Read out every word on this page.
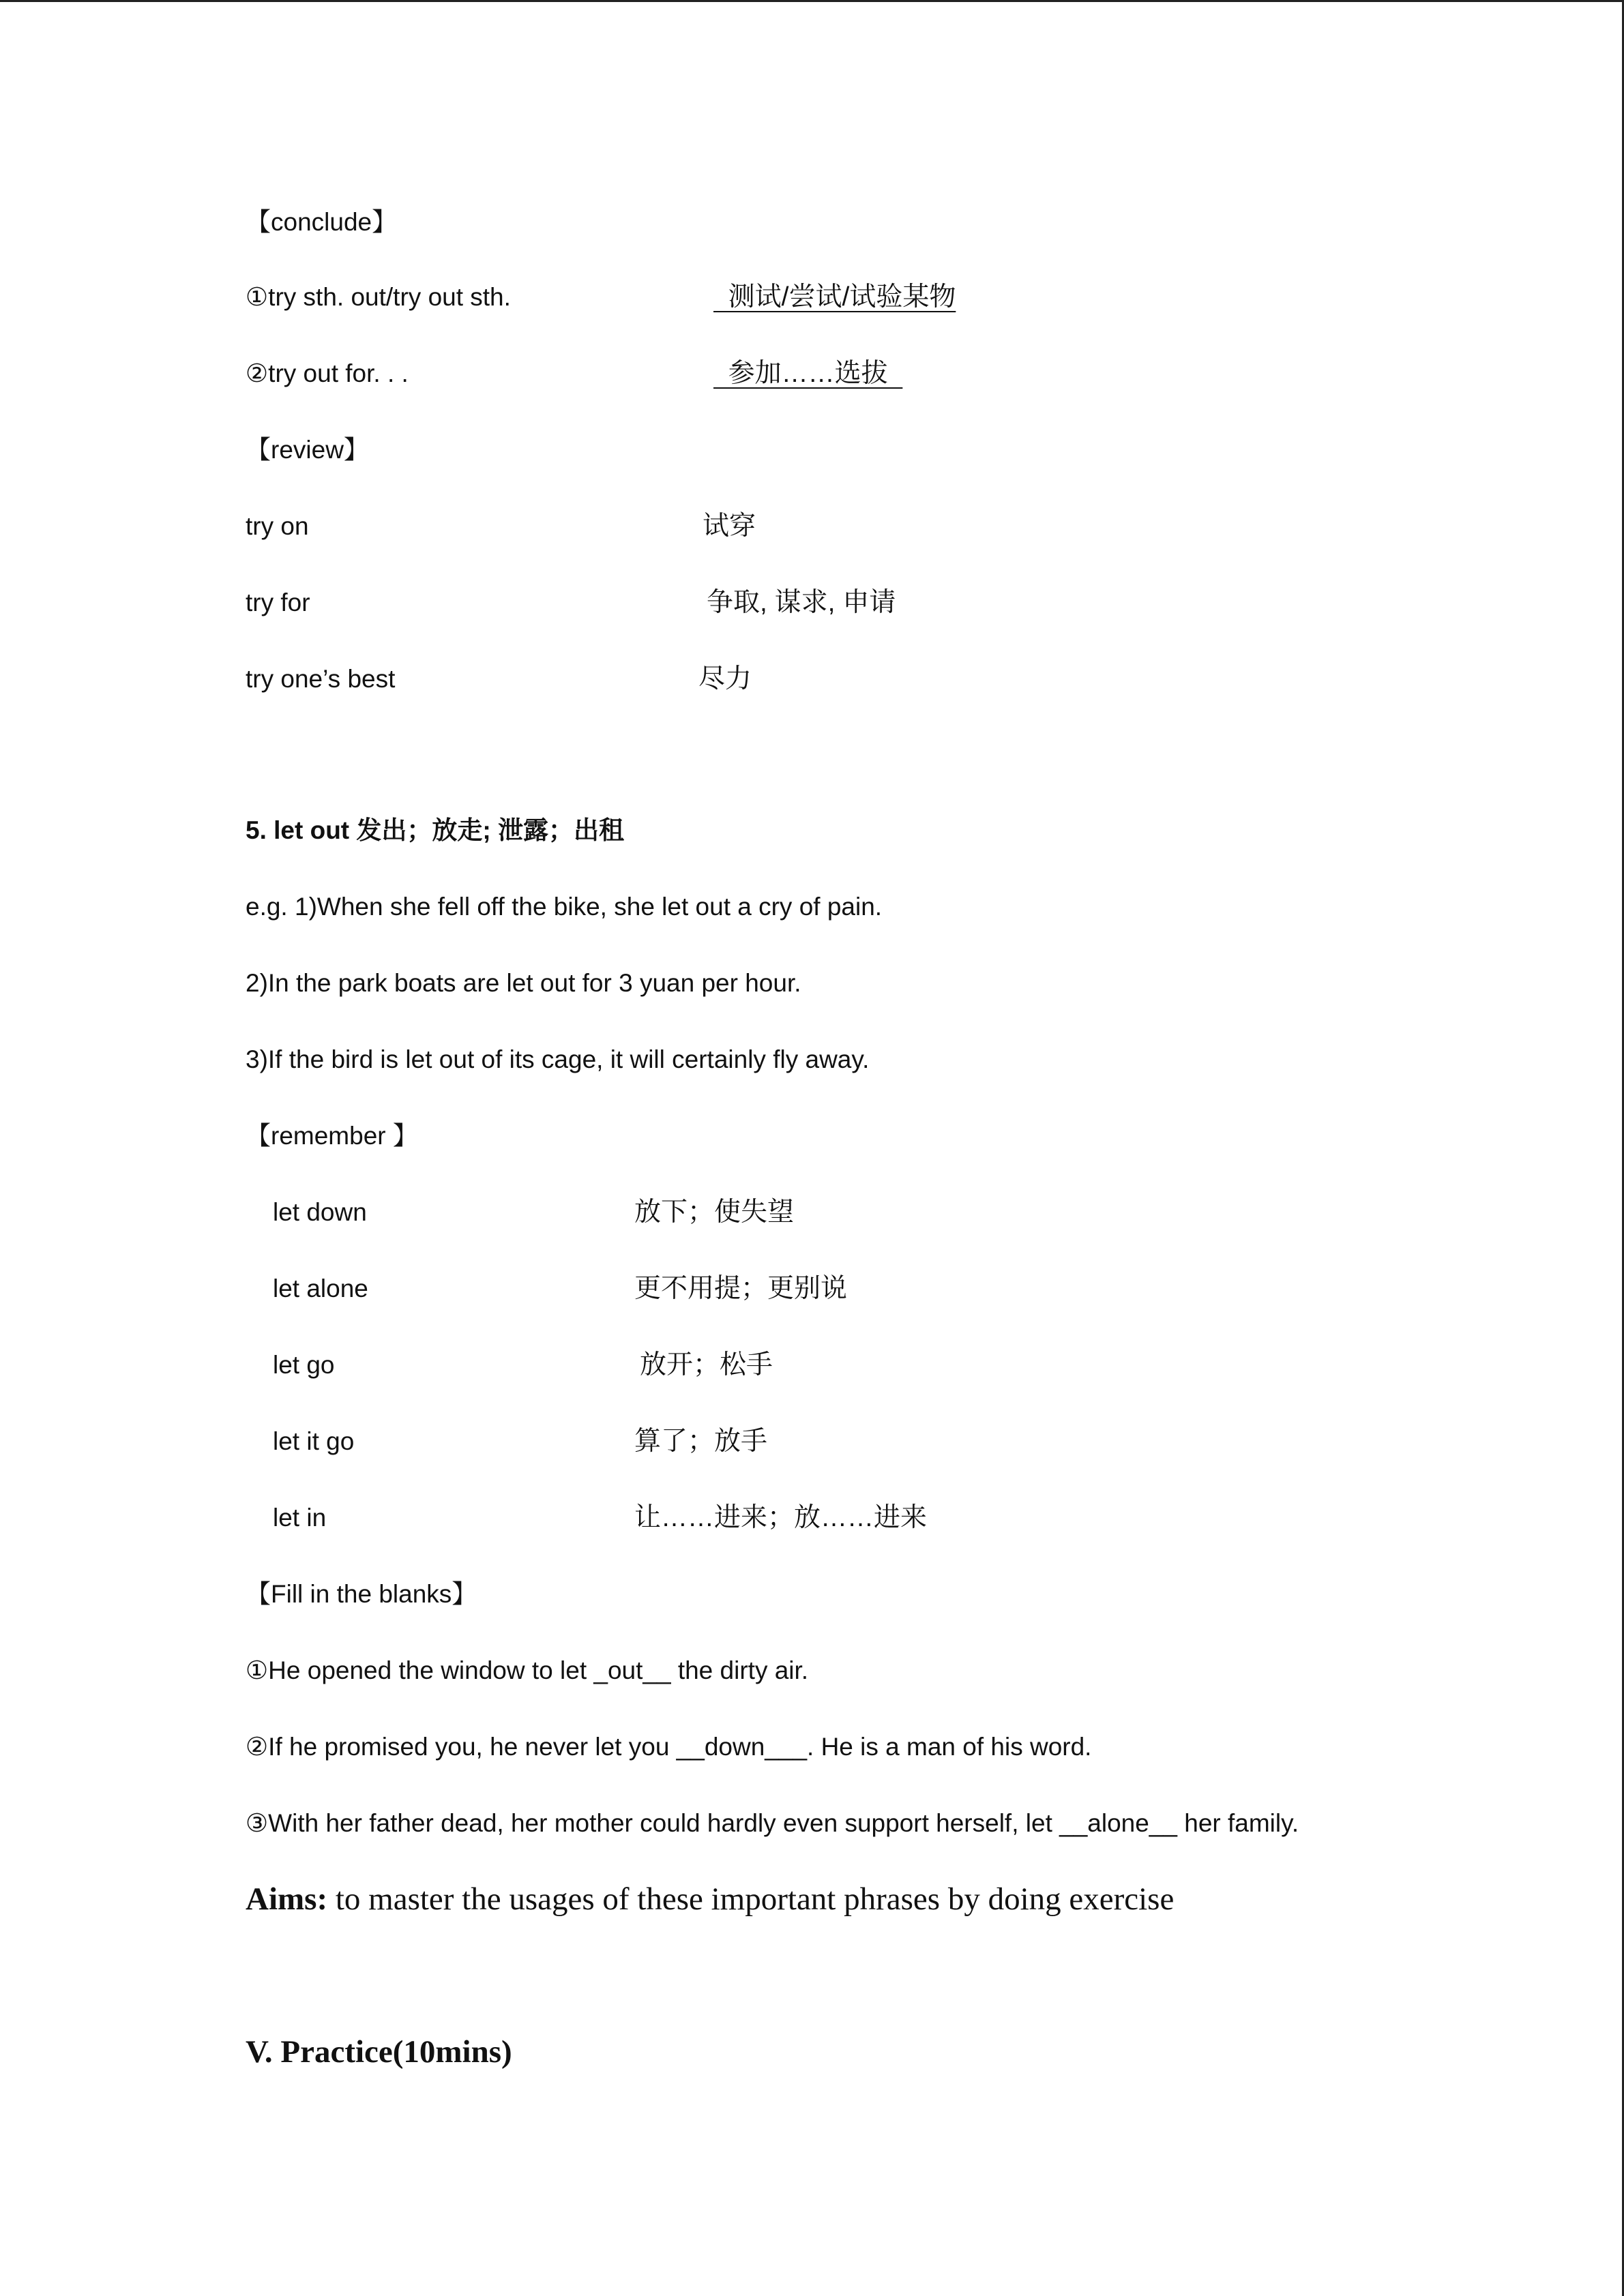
【conclude】
①try sth. out/try out sth.	测试/尝试/试验某物
②try out for. . .	参加……选拔
【review】
try on	试穿
try for	争取, 谋求, 申请
try one’s best	尽力
5. let out 发出；放走; 泄露；出租
e.g. 1)When she fell off the bike, she let out a cry of pain.
2)In the park boats are let out for 3 yuan per hour.
3)If the bird is let out of its cage, it will certainly fly away.
【remember 】
let down	放下；使失望
let alone	更不用提；更别说
let go	放开；松手
let it go	算了；放手
let in	让……进来；放……进来
【Fill in the blanks】
①He opened the window to let _out__ the dirty air.
②If he promised you, he never let you __down___. He is a man of his word.
③With her father dead, her mother could hardly even support herself, let __alone__ her family.
Aims: to master the usages of these important phrases by doing exercise
V. Practice(10mins)
